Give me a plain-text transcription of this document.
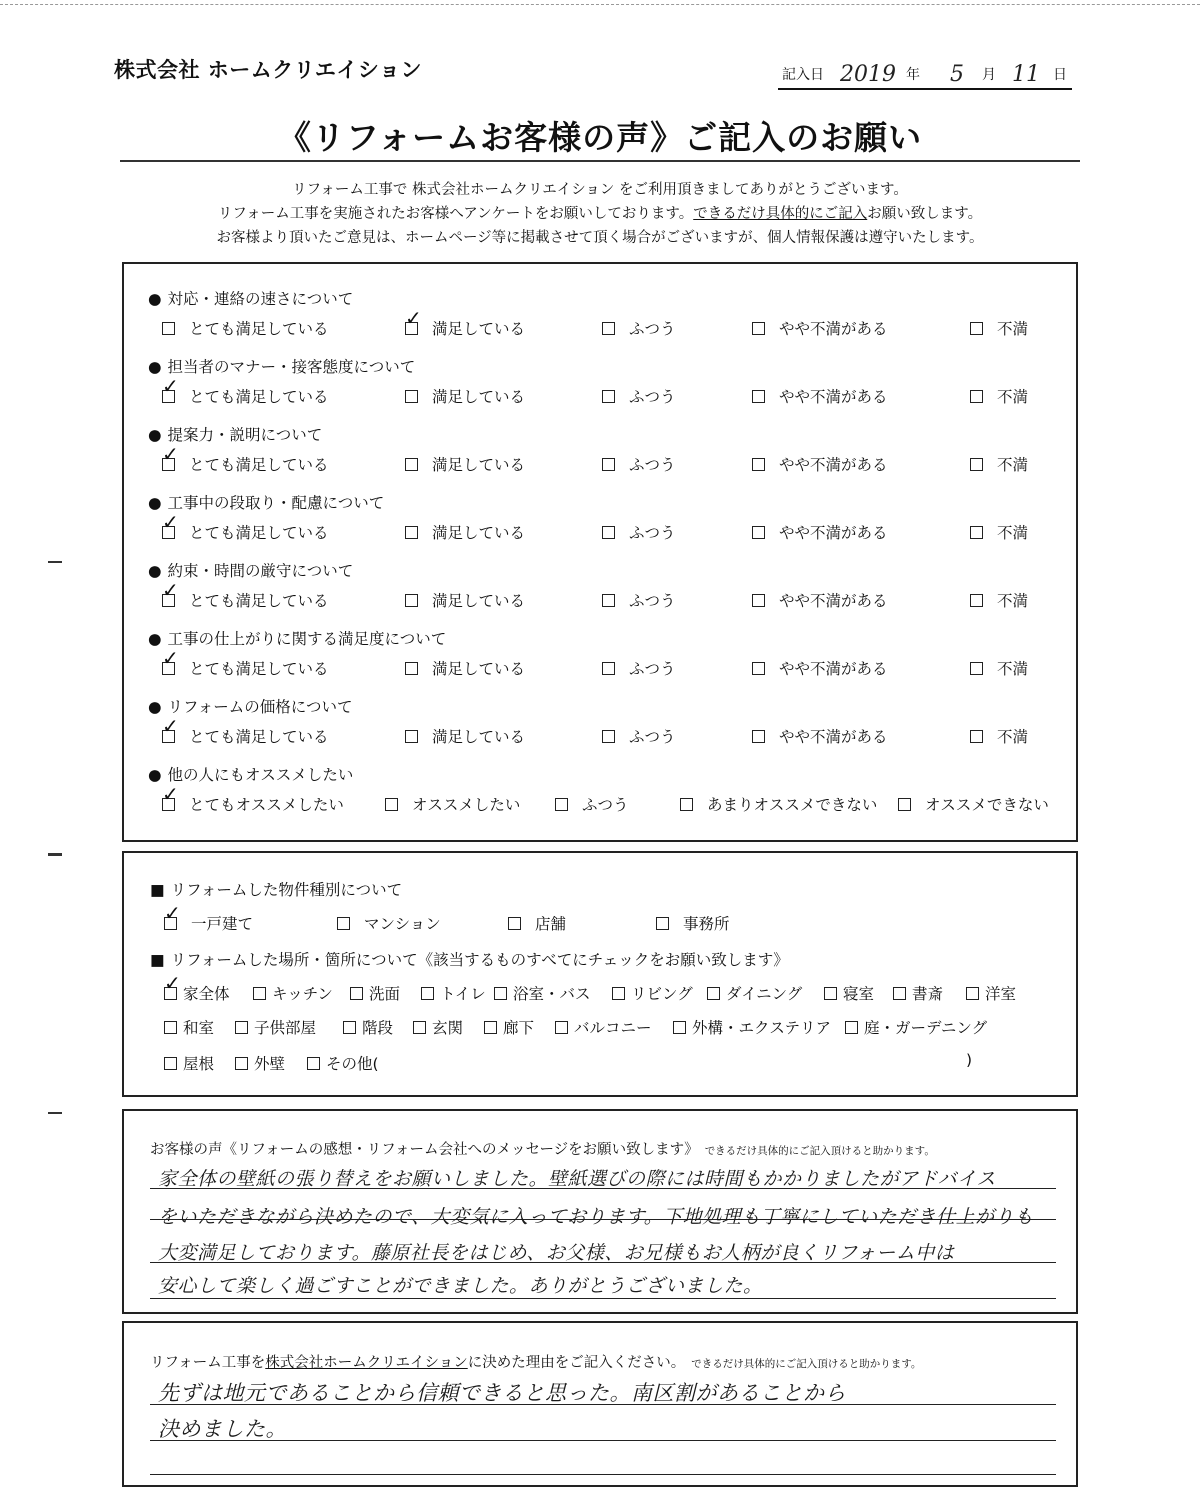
株式会社 ホームクリエイション	記入日 2019 年 5 月 11 日
《リフォームお客様の声》ご記入のお願い
リフォーム工事で 株式会社ホームクリエイション をご利用頂きましてありがとうございます。
リフォーム工事を実施されたお客様へアンケートをお願いしております。できるだけ具体的にご記入お願い致します。
お客様より頂いたご意見は、ホームページ等に掲載させて頂く場合がございますが、個人情報保護は遵守いたします。
● 対応・連絡の速さについて
とても満足している
✓	満足している	ふつう	やや不満がある	不満
● 担当者のマナー・接客態度について
✓とても満足している	満足している	ふつう	やや不満がある	不満
● 提案力・説明について
✓とても満足している	満足している	ふつう	やや不満がある	不満
● 工事中の段取り・配慮について
✓とても満足している	満足している	ふつう	やや不満がある	不満
● 約束・時間の厳守について
✓とても満足している	満足している	ふつう	やや不満がある	不満
● 工事の仕上がりに関する満足度について
✓とても満足している	満足している	ふつう	やや不満がある	不満
● リフォームの価格について
✓とても満足している	満足している	ふつう	やや不満がある	不満
● 他の人にもオススメしたい
✓とてもオススメしたい	オススメしたい	ふつう	あまりオススメできない	オススメできない
■ リフォームした物件種別について
✓一戸建て	マンション	店舗	事務所
■ リフォームした場所・箇所について《該当するものすべてにチェックをお願い致します》
✓家全体	キッチン	洗面	トイレ	浴室・バス	リビング	ダイニング	寝室	書斎	洋室
和室	子供部屋	階段	玄関	廊下	バルコニー	外構・エクステリア	庭・ガーデニング
屋根	外壁	その他(	)
お客様の声《リフォームの感想・リフォーム会社へのメッセージをお願い致します》 できるだけ具体的にご記入頂けると助かります。
家全体の壁紙の張り替えをお願いしました。壁紙選びの際には時間もかかりましたがアドバイス
をいただきながら決めたので、大変気に入っております。下地処理も丁寧にしていただき仕上がりも
大変満足しております。藤原社長をはじめ、お父様、お兄様もお人柄が良くリフォーム中は
安心して楽しく過ごすことができました。ありがとうございました。
リフォーム工事を株式会社ホームクリエイションに決めた理由をご記入ください。 できるだけ具体的にご記入頂けると助かります。
先ずは地元であることから信頼できると思った。南区割があることから
決めました。
